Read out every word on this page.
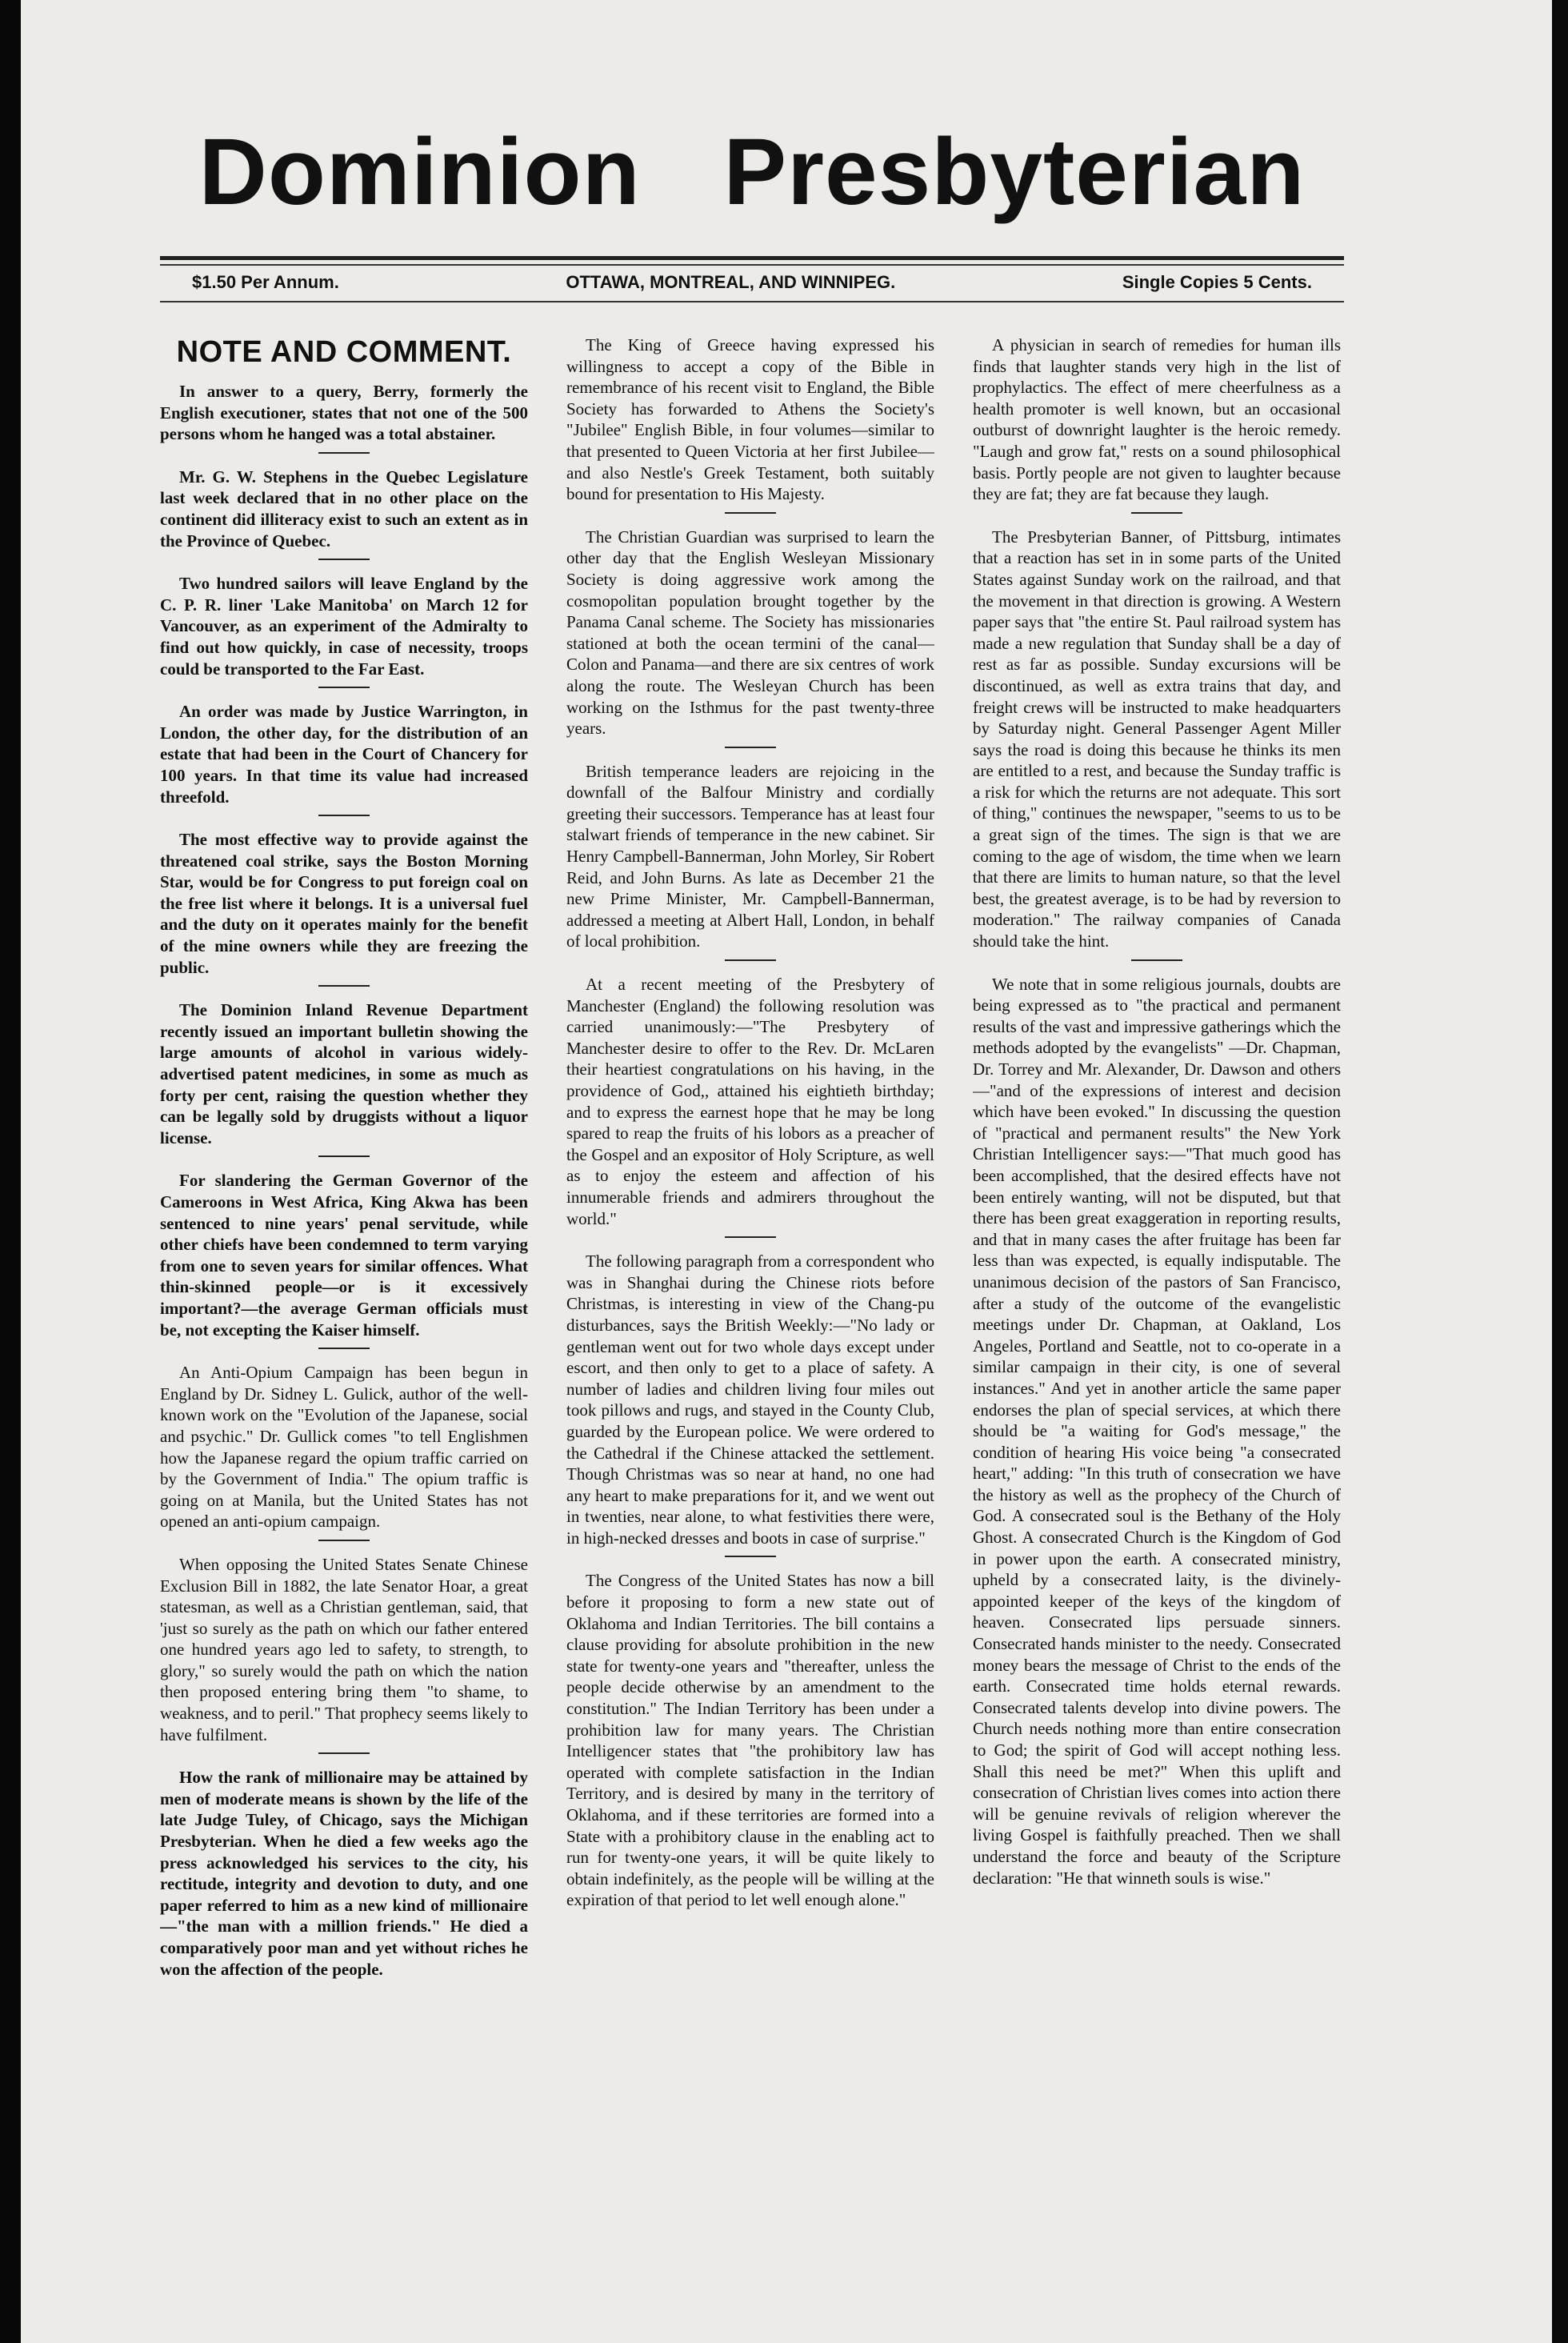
Dominion Presbyterian
$1.50 Per Annum.	OTTAWA, MONTREAL, AND WINNIPEG.	Single Copies 5 Cents.
NOTE AND COMMENT.

In answer to a query, Berry, formerly the English executioner, states that not one of the 500 persons whom he hanged was a total abstainer.

Mr. G. W. Stephens in the Quebec Legislature last week declared that in no other place on the continent did illiteracy exist to such an extent as in the Province of Quebec.

Two hundred sailors will leave England by the C. P. R. liner 'Lake Manitoba' on March 12 for Vancouver, as an experiment of the Admiralty to find out how quickly, in case of necessity, troops could be transported to the Far East.

An order was made by Justice Warrington, in London, the other day, for the distribution of an estate that had been in the Court of Chancery for 100 years. In that time its value had increased threefold.

The most effective way to provide against the threatened coal strike, says the Boston Morning Star, would be for Congress to put foreign coal on the free list where it belongs. It is a universal fuel and the duty on it operates mainly for the benefit of the mine owners while they are freezing the public.

The Dominion Inland Revenue Department recently issued an important bulletin showing the large amounts of alcohol in various widely-advertised patent medicines, in some as much as forty per cent, raising the question whether they can be legally sold by druggists without a liquor license.

For slandering the German Governor of the Cameroons in West Africa, King Akwa has been sentenced to nine years' penal servitude, while other chiefs have been condemned to term varying from one to seven years for similar offences. What thin-skinned people—or is it excessively important?—the average German officials must be, not excepting the Kaiser himself.

An Anti-Opium Campaign has been begun in England by Dr. Sidney L. Gulick, author of the well-known work on the "Evolution of the Japanese, social and psychic." Dr. Gullick comes "to tell Englishmen how the Japanese regard the opium traffic carried on by the Government of India." The opium traffic is going on at Manila, but the United States has not opened an anti-opium campaign.

When opposing the United States Senate Chinese Exclusion Bill in 1882, the late Senator Hoar, a great statesman, as well as a Christian gentleman, said, that 'just so surely as the path on which our father entered one hundred years ago led to safety, to strength, to glory," so surely would the path on which the nation then proposed entering bring them "to shame, to weakness, and to peril." That prophecy seems likely to have fulfilment.

How the rank of millionaire may be attained by men of moderate means is shown by the life of the late Judge Tuley, of Chicago, says the Michigan Presbyterian. When he died a few weeks ago the press acknowledged his services to the city, his rectitude, integrity and devotion to duty, and one paper referred to him as a new kind of millionaire—"the man with a million friends." He died a comparatively poor man and yet without riches he won the affection of the people.

The King of Greece having expressed his willingness to accept a copy of the Bible in remembrance of his recent visit to England, the Bible Society has forwarded to Athens the Society's "Jubilee" English Bible, in four volumes—similar to that presented to Queen Victoria at her first Jubilee—and also Nestle's Greek Testament, both suitably bound for presentation to His Majesty.

The Christian Guardian was surprised to learn the other day that the English Wesleyan Missionary Society is doing aggressive work among the cosmopolitan population brought together by the Panama Canal scheme. The Society has missionaries stationed at both the ocean termini of the canal—Colon and Panama—and there are six centres of work along the route. The Wesleyan Church has been working on the Isthmus for the past twenty-three years.

British temperance leaders are rejoicing in the downfall of the Balfour Ministry and cordially greeting their successors. Temperance has at least four stalwart friends of temperance in the new cabinet. Sir Henry Campbell-Bannerman, John Morley, Sir Robert Reid, and John Burns. As late as December 21 the new Prime Minister, Mr. Campbell-Bannerman, addressed a meeting at Albert Hall, London, in behalf of local prohibition.

At a recent meeting of the Presbytery of Manchester (England) the following resolution was carried unanimously:—"The Presbytery of Manchester desire to offer to the Rev. Dr. McLaren their heartiest congratulations on his having, in the providence of God,, attained his eightieth birthday; and to express the earnest hope that he may be long spared to reap the fruits of his lobors as a preacher of the Gospel and an expositor of Holy Scripture, as well as to enjoy the esteem and affection of his innumerable friends and admirers throughout the world."

The following paragraph from a correspondent who was in Shanghai during the Chinese riots before Christmas, is interesting in view of the Chang-pu disturbances, says the British Weekly:—"No lady or gentleman went out for two whole days except under escort, and then only to get to a place of safety. A number of ladies and children living four miles out took pillows and rugs, and stayed in the County Club, guarded by the European police. We were ordered to the Cathedral if the Chinese attacked the settlement. Though Christmas was so near at hand, no one had any heart to make preparations for it, and we went out in twenties, near alone, to what festivities there were, in high-necked dresses and boots in case of surprise."

The Congress of the United States has now a bill before it proposing to form a new state out of Oklahoma and Indian Territories. The bill contains a clause providing for absolute prohibition in the new state for twenty-one years and "thereafter, unless the people decide otherwise by an amendment to the constitution." The Indian Territory has been under a prohibition law for many years. The Christian Intelligencer states that "the prohibitory law has operated with complete satisfaction in the Indian Territory, and is desired by many in the territory of Oklahoma, and if these territories are formed into a State with a prohibitory clause in the enabling act to run for twenty-one years, it will be quite likely to obtain indefinitely, as the people will be willing at the expiration of that period to let well enough alone."

A physician in search of remedies for human ills finds that laughter stands very high in the list of prophylactics. The effect of mere cheerfulness as a health promoter is well known, but an occasional outburst of downright laughter is the heroic remedy. "Laugh and grow fat," rests on a sound philosophical basis. Portly people are not given to laughter because they are fat; they are fat because they laugh.

The Presbyterian Banner, of Pittsburg, intimates that a reaction has set in in some parts of the United States against Sunday work on the railroad, and that the movement in that direction is growing. A Western paper says that "the entire St. Paul railroad system has made a new regulation that Sunday shall be a day of rest as far as possible. Sunday excursions will be discontinued, as well as extra trains that day, and freight crews will be instructed to make headquarters by Saturday night. General Passenger Agent Miller says the road is doing this because he thinks its men are entitled to a rest, and because the Sunday traffic is a risk for which the returns are not adequate. This sort of thing," continues the newspaper, "seems to us to be a great sign of the times. The sign is that we are coming to the age of wisdom, the time when we learn that there are limits to human nature, so that the level best, the greatest average, is to be had by reversion to moderation." The railway companies of Canada should take the hint.

We note that in some religious journals, doubts are being expressed as to "the practical and permanent results of the vast and impressive gatherings which the methods adopted by the evangelists" —Dr. Chapman, Dr. Torrey and Mr. Alexander, Dr. Dawson and others—"and of the expressions of interest and decision which have been evoked." In discussing the question of "practical and permanent results" the New York Christian Intelligencer says:—"That much good has been accomplished, that the desired effects have not been entirely wanting, will not be disputed, but that there has been great exaggeration in reporting results, and that in many cases the after fruitage has been far less than was expected, is equally indisputable. The unanimous decision of the pastors of San Francisco, after a study of the outcome of the evangelistic meetings under Dr. Chapman, at Oakland, Los Angeles, Portland and Seattle, not to co-operate in a similar campaign in their city, is one of several instances." And yet in another article the same paper endorses the plan of special services, at which there should be "a waiting for God's message," the condition of hearing His voice being "a consecrated heart," adding: "In this truth of consecration we have the history as well as the prophecy of the Church of God. A consecrated soul is the Bethany of the Holy Ghost. A consecrated Church is the Kingdom of God in power upon the earth. A consecrated ministry, upheld by a consecrated laity, is the divinely-appointed keeper of the keys of the kingdom of heaven. Consecrated lips persuade sinners. Consecrated hands minister to the needy. Consecrated money bears the message of Christ to the ends of the earth. Consecrated time holds eternal rewards. Consecrated talents develop into divine powers. The Church needs nothing more than entire consecration to God; the spirit of God will accept nothing less. Shall this need be met?" When this uplift and consecration of Christian lives comes into action there will be genuine revivals of religion wherever the living Gospel is faithfully preached. Then we shall understand the force and beauty of the Scripture declaration: "He that winneth souls is wise."
